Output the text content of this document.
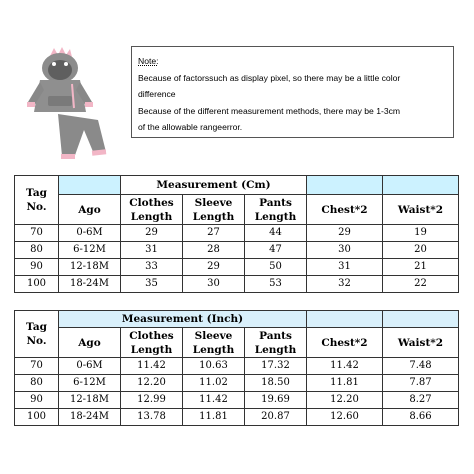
Note:
Because of factorssuch as display pixel, so there may be a little color
difference
Because of the different measurement methods, there may be 1-3cm
of the allowable rangeerror.
Tag
No.		Measurement (Cm)				
	Ago	Clothes Length	Sleeve Length	Pants Length	Chest*2	Waist*2
70	0-6M	29	27	44	29	19
80	6-12M	31	28	47	30	20
90	12-18M	33	29	50	31	21
100	18-24M	35	30	53	32	22
Tag
No.	Measurement (Inch)					
	Ago	Clothes Length	Sleeve Length	Pants Length	Chest*2	Waist*2
70	0-6M	11.42	10.63	17.32	11.42	7.48
80	6-12M	12.20	11.02	18.50	11.81	7.87
90	12-18M	12.99	11.42	19.69	12.20	8.27
100	18-24M	13.78	11.81	20.87	12.60	8.66
